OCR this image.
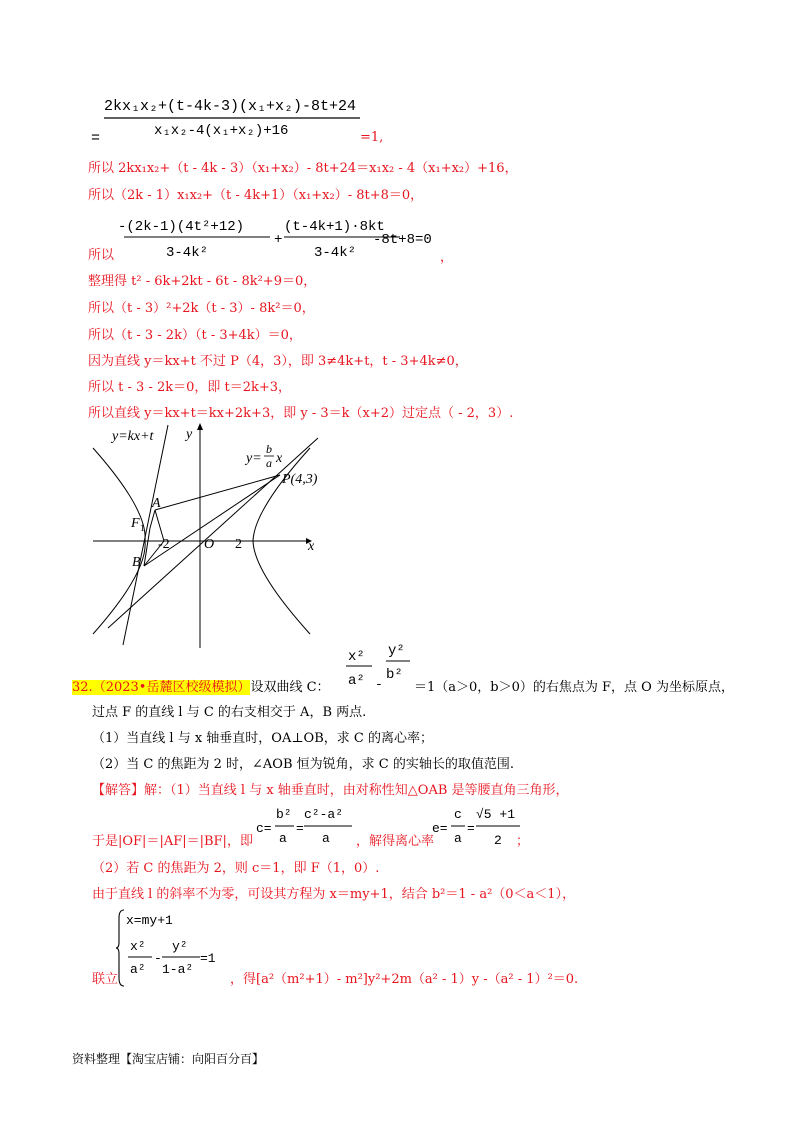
2kx₁x₂+(t-4k-3)(x₁+x₂)-8t+24
=	x₁x₂-4(x₁+x₂)+16	=1,
所以 2kx₁x₂+（t - 4k - 3）（x₁+x₂）- 8t+24＝x₁x₂ - 4（x₁+x₂）+16，
所以（2k - 1）x₁x₂+（t - 4k+1）（x₁+x₂）- 8t+8＝0，
所以
-(2k-1)(4t²+12)
3-4k²
+
(t-4k+1)·8kt
3-4k²
-8t+8=0
，
整理得 t² - 6k+2kt - 6t - 8k²+9＝0，
所以（t - 3）²+2k（t - 3）- 8k²＝0，
所以（t - 3 - 2k）（t - 3+4k）＝0，
因为直线 y＝kx+t 不过 P（4，3），即 3≠4k+t，t - 3+4k≠0，
所以 t - 3 - 2k＝0，即 t＝2k+3，
所以直线 y＝kx+t＝kx+2k+3，即 y - 3＝k（x+2）过定点（ - 2，3）.
y=kx+t y
y=
b
a x
P(4,3)
A
B
F 1
-2 O 2	x
32.（2023•岳麓区校级模拟）设双曲线 C：
x²
a² -
y²
b²
＝1（a＞0，b＞0）的右焦点为 F，点 O 为坐标原点，
过点 F 的直线 l 与 C 的右支相交于 A，B 两点.
（1）当直线 l 与 x 轴垂直时，OA⊥OB，求 C 的离心率；
（2）当 C 的焦距为 2 时，∠AOB 恒为锐角，求 C 的实轴长的取值范围.
【解答】解：（1）当直线 l 与 x 轴垂直时，由对称性知△OAB 是等腰直角三角形，
于是|OF|＝|AF|＝|BF|，即
c=
b²
a
=
c²-a²
a ，解得离心率
e=
c
a
=
√5 +1
2 ；
（2）若 C 的焦距为 2，则 c＝1，即 F（1，0）.
由于直线 l 的斜率不为零，可设其方程为 x＝my+1，结合 b²＝1 - a²（0＜a＜1），
x=my+1
x²
a²
-
y²
1-a²
=1
联立	，得[a²（m²+1）- m²]y²+2m（a² - 1）y -（a² - 1）²＝0.
资料整理【淘宝店铺：向阳百分百】
